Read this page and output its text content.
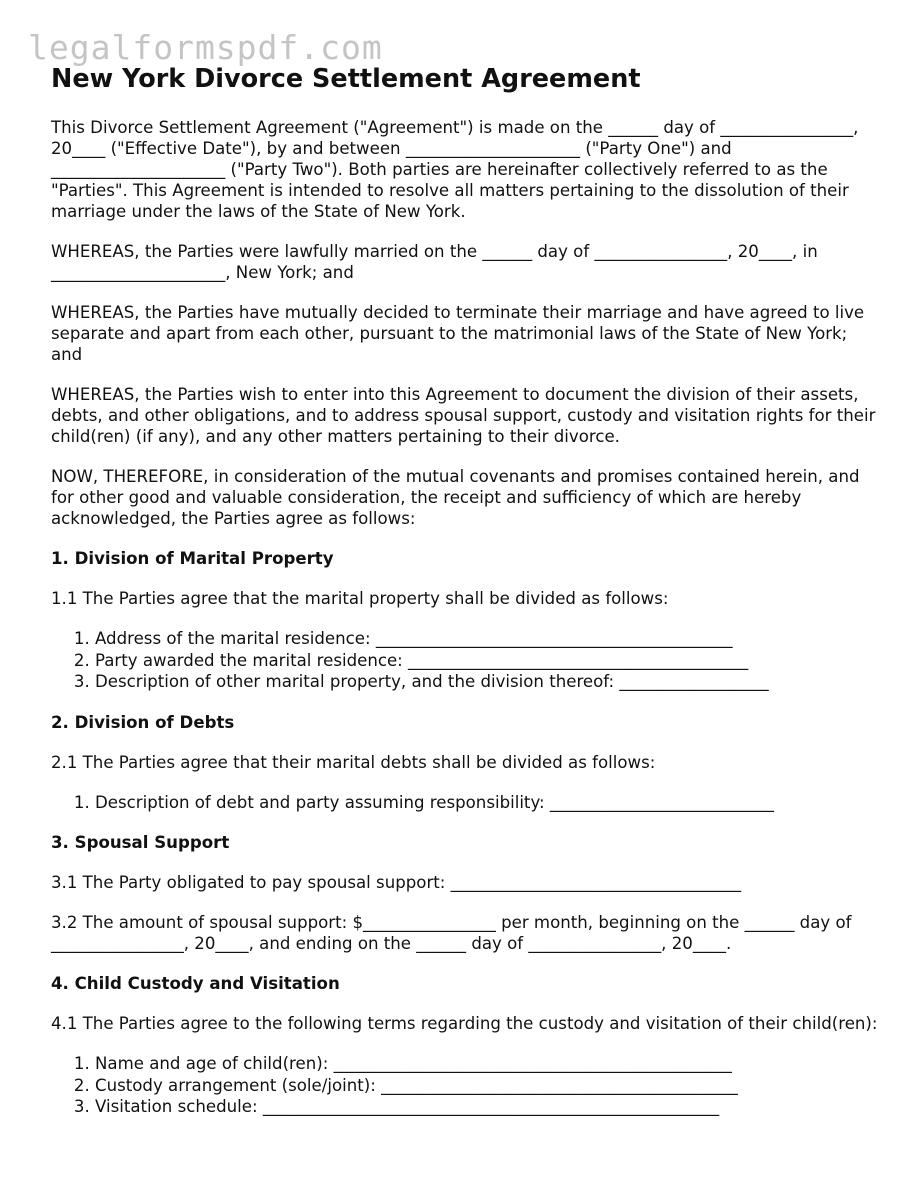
legalformspdf.com
New York Divorce Settlement Agreement

This Divorce Settlement Agreement ("Agreement") is made on the ______ day of ________________, 20____ ("Effective Date"), by and between _____________________ ("Party One") and _____________________ ("Party Two"). Both parties are hereinafter collectively referred to as the "Parties". This Agreement is intended to resolve all matters pertaining to the dissolution of their marriage under the laws of the State of New York.

WHEREAS, the Parties were lawfully married on the ______ day of ________________, 20____, in _____________________, New York; and

WHEREAS, the Parties have mutually decided to terminate their marriage and have agreed to live separate and apart from each other, pursuant to the matrimonial laws of the State of New York; and

WHEREAS, the Parties wish to enter into this Agreement to document the division of their assets, debts, and other obligations, and to address spousal support, custody and visitation rights for their child(ren) (if any), and any other matters pertaining to their divorce.

NOW, THEREFORE, in consideration of the mutual covenants and promises contained herein, and for other good and valuable consideration, the receipt and sufficiency of which are hereby acknowledged, the Parties agree as follows:

1. Division of Marital Property

1.1 The Parties agree that the marital property shall be divided as follows:

1. Address of the marital residence: ___________________________________________
2. Party awarded the marital residence: _________________________________________
3. Description of other marital property, and the division thereof: __________________
2. Division of Debts

2.1 The Parties agree that their marital debts shall be divided as follows:

1. Description of debt and party assuming responsibility: ___________________________
3. Spousal Support

3.1 The Party obligated to pay spousal support: ___________________________________

3.2 The amount of spousal support: $________________ per month, beginning on the ______ day of ________________, 20____, and ending on the ______ day of ________________, 20____.

4. Child Custody and Visitation

4.1 The Parties agree to the following terms regarding the custody and visitation of their child(ren):

1. Name and age of child(ren): ________________________________________________
2. Custody arrangement (sole/joint): ___________________________________________
3. Visitation schedule: _______________________________________________________
